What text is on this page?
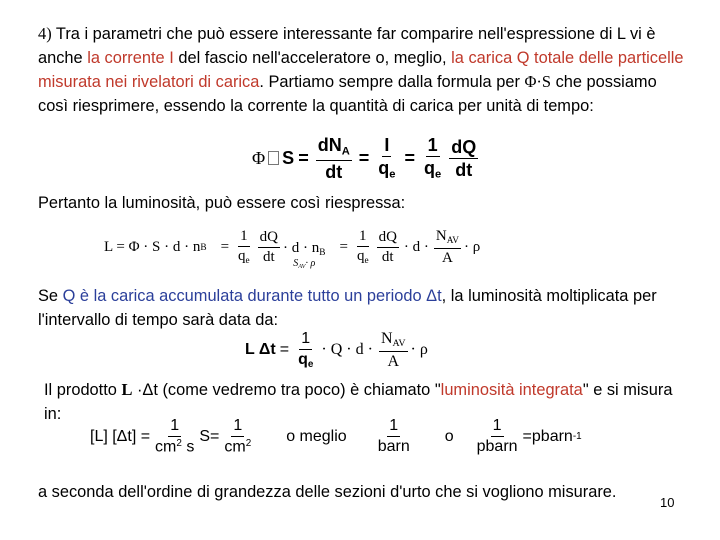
4) Tra i parametri che può essere interessante far comparire nell'espressione di L vi è anche la corrente I del fascio nell'acceleratore o, meglio, la carica Q totale delle particelle misurata nei rivelatori di carica. Partiamo sempre dalla formula per Φ·S che possiamo così riesprimere, essendo la corrente la quantità di carica per unità di tempo:
Φ $S = \frac{dN_A}{dt} = \frac{I}{q_e} = \frac{1}{q_e} \frac{dQ}{dt}$
Pertanto la luminosità, può essere così riespressa:
L = Φ · S · d · n $B = \frac{1}{q_e} \frac{dQ}{dt} \cdot d \cdot n_B$
$S_{AV}\cdot \rho$
= $\frac{1}{q_e} \frac{dQ}{dt} \cdot d \cdot \frac{N_{AV}}{A} \cdot \rho$
Se Q è la carica accumulata durante tutto un periodo Δt, la luminosità moltiplicata per l'intervallo di tempo sarà data da:
L $\Delta t = \frac{1}{q_e} \cdot Q \cdot d \cdot \frac{N_{AV}}{A} \cdot \rho$
Il prodotto L ·Δt (come vedremo tra poco) è chiamato "luminosità integrata" e si misura in:
[L] $[\Delta t] = \frac{1}{cm^2 s}$ $S = \frac{1}{cm^2}$ o meglio $\frac{1}{\text{barn}}$ o $\frac{1}{\text{pbarn}}$ =pbarn -1
a seconda dell'ordine di grandezza delle sezioni d'urto che si vogliono misurare.
10
